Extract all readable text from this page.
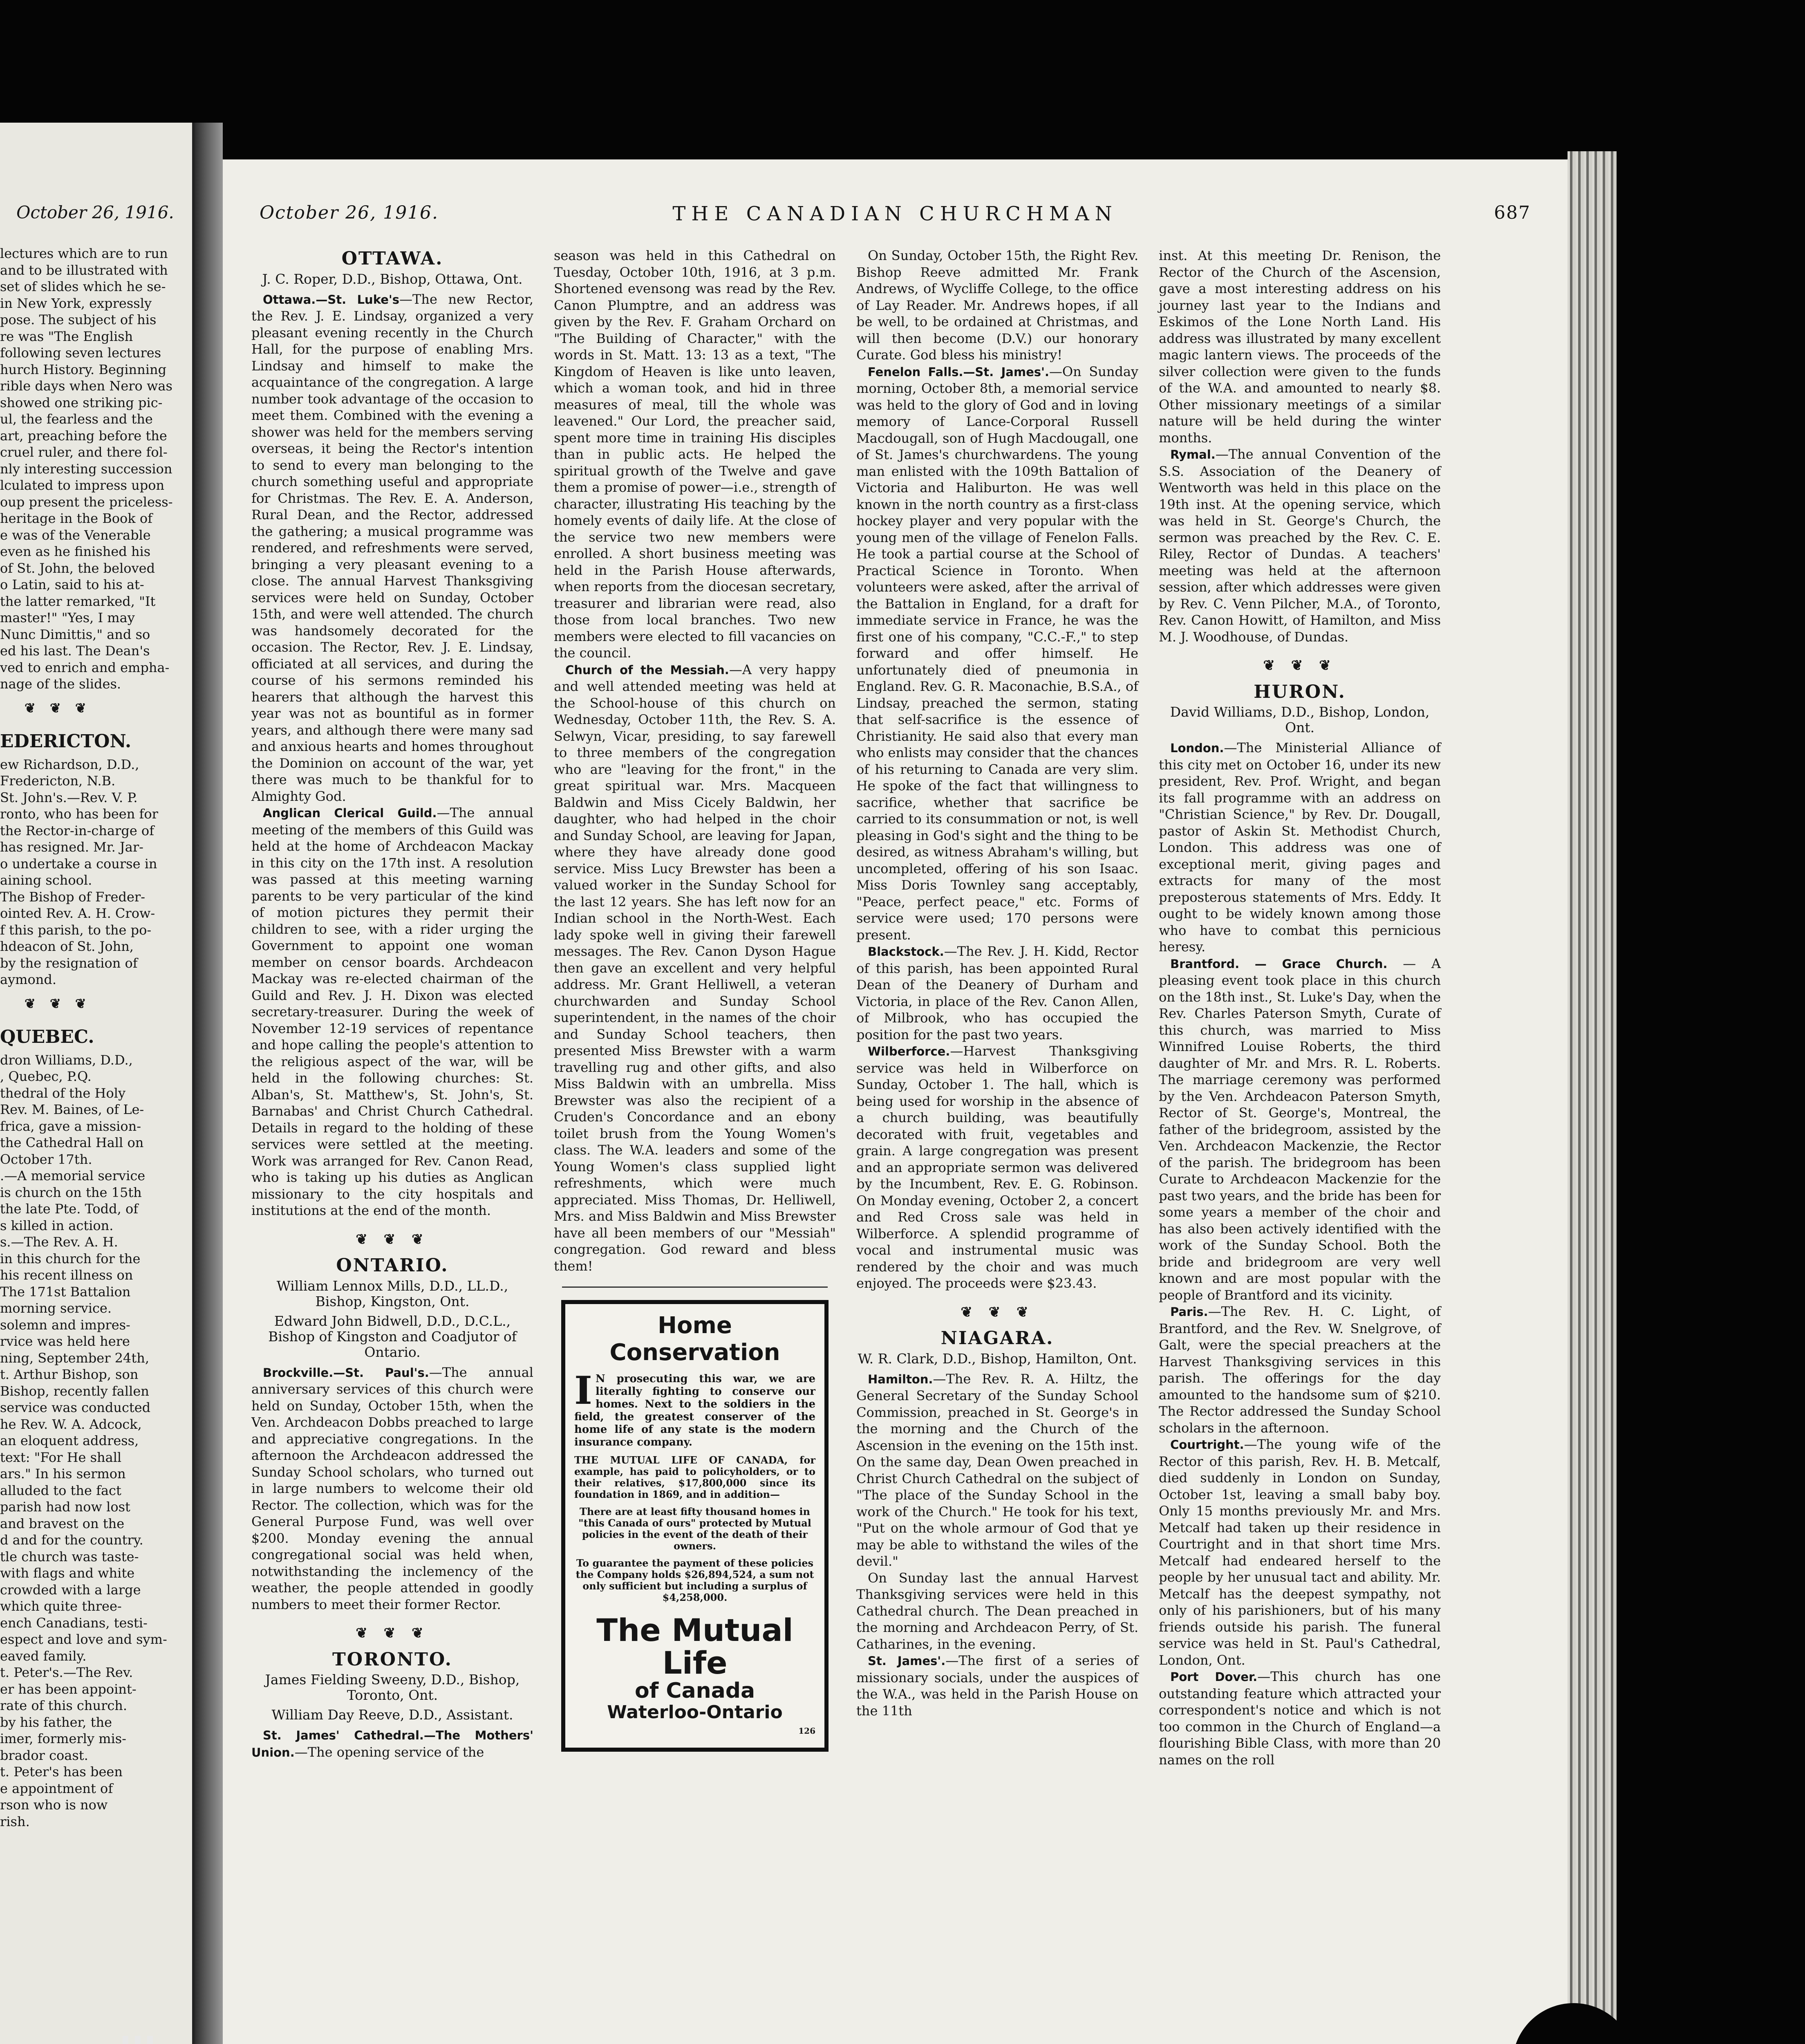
October 26, 1916.
lectures which are to run
and to be illustrated with
set of slides which he se-
in New York, expressly
pose. The subject of his
re was "The English
following seven lectures
hurch History. Beginning
rible days when Nero was
showed one striking pic-
ul, the fearless and the
art, preaching before the
cruel ruler, and there fol-
nly interesting succession
lculated to impress upon
oup present the priceless-
heritage in the Book of
e was of the Venerable
even as he finished his
of St. John, the beloved
o Latin, said to his at-
the latter remarked, "It
master!" "Yes, I may
Nunc Dimittis," and so
ed his last. The Dean's
ved to enrich and empha-
nage of the slides.
❦ ❦ ❦
EDERICTON.
ew Richardson, D.D.,
Fredericton, N.B.
St. John's.—Rev. V. P.
ronto, who has been for
the Rector-in-charge of
has resigned. Mr. Jar-
o undertake a course in
aining school.
The Bishop of Freder-
ointed Rev. A. H. Crow-
f this parish, to the po-
hdeacon of St. John,
by the resignation of
aymond.
❦ ❦ ❦
QUEBEC.
dron Williams, D.D.,
, Quebec, P.Q.
thedral of the Holy
Rev. M. Baines, of Le-
frica, gave a mission-
the Cathedral Hall on
October 17th.
.—A memorial service
is church on the 15th
the late Pte. Todd, of
s killed in action.
s.—The Rev. A. H.
in this church for the
his recent illness on
The 171st Battalion
morning service.
solemn and impres-
rvice was held here
ning, September 24th,
t. Arthur Bishop, son
Bishop, recently fallen
service was conducted
he Rev. W. A. Adcock,
an eloquent address,
text: "For He shall
ars." In his sermon
alluded to the fact
parish had now lost
and bravest on the
d and for the country.
tle church was taste-
with flags and white
crowded with a large
which quite three-
ench Canadians, testi-
espect and love and sym-
eaved family.
t. Peter's.—The Rev.
er has been appoint-
rate of this church.
by his father, the
imer, formerly mis-
brador coast.
t. Peter's has been
e appointment of
rson who is now
rish.
October 26, 1916.	THE CANADIAN CHURCHMAN	687
OTTAWA.
J. C. Roper, D.D., Bishop, Ottawa, Ont.

Ottawa.—St. Luke's—The new Rector, the Rev. J. E. Lindsay, organized a very pleasant evening recently in the Church Hall, for the purpose of enabling Mrs. Lindsay and himself to make the acquaintance of the congregation. A large number took advantage of the occasion to meet them. Combined with the evening a shower was held for the members serving overseas, it being the Rector's intention to send to every man belonging to the church something useful and appropriate for Christmas. The Rev. E. A. Anderson, Rural Dean, and the Rector, addressed the gathering; a musical programme was rendered, and refreshments were served, bringing a very pleasant evening to a close. The annual Harvest Thanksgiving services were held on Sunday, October 15th, and were well attended. The church was handsomely decorated for the occasion. The Rector, Rev. J. E. Lindsay, officiated at all services, and during the course of his sermons reminded his hearers that although the harvest this year was not as bountiful as in former years, and although there were many sad and anxious hearts and homes throughout the Dominion on account of the war, yet there was much to be thankful for to Almighty God.

Anglican Clerical Guild.—The annual meeting of the members of this Guild was held at the home of Archdeacon Mackay in this city on the 17th inst. A resolution was passed at this meeting warning parents to be very particular of the kind of motion pictures they permit their children to see, with a rider urging the Government to appoint one woman member on censor boards. Archdeacon Mackay was re-elected chairman of the Guild and Rev. J. H. Dixon was elected secretary-treasurer. During the week of November 12-19 services of repentance and hope calling the people's attention to the religious aspect of the war, will be held in the following churches: St. Alban's, St. Matthew's, St. John's, St. Barnabas' and Christ Church Cathedral. Details in regard to the holding of these services were settled at the meeting. Work was arranged for Rev. Canon Read, who is taking up his duties as Anglican missionary to the city hospitals and institutions at the end of the month.

❦ ❦ ❦
ONTARIO.
William Lennox Mills, D.D., LL.D., Bishop, Kingston, Ont.
Edward John Bidwell, D.D., D.C.L., Bishop of Kingston and Coadjutor of Ontario.

Brockville.—St. Paul's.—The annual anniversary services of this church were held on Sunday, October 15th, when the Ven. Archdeacon Dobbs preached to large and appreciative congregations. In the afternoon the Archdeacon addressed the Sunday School scholars, who turned out in large numbers to welcome their old Rector. The collection, which was for the General Purpose Fund, was well over $200. Monday evening the annual congregational social was held when, notwithstanding the inclemency of the weather, the people attended in goodly numbers to meet their former Rector.

❦ ❦ ❦
TORONTO.
James Fielding Sweeny, D.D., Bishop, Toronto, Ont.
William Day Reeve, D.D., Assistant.

St. James' Cathedral.—The Mothers' Union.—The opening service of the

season was held in this Cathedral on Tuesday, October 10th, 1916, at 3 p.m. Shortened evensong was read by the Rev. Canon Plumptre, and an address was given by the Rev. F. Graham Orchard on "The Building of Character," with the words in St. Matt. 13: 13 as a text, "The Kingdom of Heaven is like unto leaven, which a woman took, and hid in three measures of meal, till the whole was leavened." Our Lord, the preacher said, spent more time in training His disciples than in public acts. He helped the spiritual growth of the Twelve and gave them a promise of power—i.e., strength of character, illustrating His teaching by the homely events of daily life. At the close of the service two new members were enrolled. A short business meeting was held in the Parish House afterwards, when reports from the diocesan secretary, treasurer and librarian were read, also those from local branches. Two new members were elected to fill vacancies on the council.

Church of the Messiah.—A very happy and well attended meeting was held at the School-house of this church on Wednesday, October 11th, the Rev. S. A. Selwyn, Vicar, presiding, to say farewell to three members of the congregation who are "leaving for the front," in the great spiritual war. Mrs. Macqueen Baldwin and Miss Cicely Baldwin, her daughter, who had helped in the choir and Sunday School, are leaving for Japan, where they have already done good service. Miss Lucy Brewster has been a valued worker in the Sunday School for the last 12 years. She has left now for an Indian school in the North-West. Each lady spoke well in giving their farewell messages. The Rev. Canon Dyson Hague then gave an excellent and very helpful address. Mr. Grant Helliwell, a veteran churchwarden and Sunday School superintendent, in the names of the choir and Sunday School teachers, then presented Miss Brewster with a warm travelling rug and other gifts, and also Miss Baldwin with an umbrella. Miss Brewster was also the recipient of a Cruden's Concordance and an ebony toilet brush from the Young Women's class. The W.A. leaders and some of the Young Women's class supplied light refreshments, which were much appreciated. Miss Thomas, Dr. Helliwell, Mrs. and Miss Baldwin and Miss Brewster have all been members of our "Messiah" congregation. God reward and bless them!

Home Conservation
I N prosecuting this war, we are literally fighting to conserve our homes. Next to the soldiers in the field, the greatest conserver of the home life of any state is the modern insurance company.
THE MUTUAL LIFE OF CANADA, for example, has paid to policyholders, or to their relatives, $17,800,000 since its foundation in 1869, and in addition—
There are at least fifty thousand homes in "this Canada of ours" protected by Mutual policies in the event of the death of their owners.
To guarantee the payment of these policies the Company holds $26,894,524, a sum not only sufficient but including a surplus of $4,258,000.
The Mutual Life
of Canada
Waterloo-Ontario
126

On Sunday, October 15th, the Right Rev. Bishop Reeve admitted Mr. Frank Andrews, of Wycliffe College, to the office of Lay Reader. Mr. Andrews hopes, if all be well, to be ordained at Christmas, and will then become (D.V.) our honorary Curate. God bless his ministry!

Fenelon Falls.—St. James'.—On Sunday morning, October 8th, a memorial service was held to the glory of God and in loving memory of Lance-Corporal Russell Macdougall, son of Hugh Macdougall, one of St. James's churchwardens. The young man enlisted with the 109th Battalion of Victoria and Haliburton. He was well known in the north country as a first-class hockey player and very popular with the young men of the village of Fenelon Falls. He took a partial course at the School of Practical Science in Toronto. When volunteers were asked, after the arrival of the Battalion in England, for a draft for immediate service in France, he was the first one of his company, "C.C.-F.," to step forward and offer himself. He unfortunately died of pneumonia in England. Rev. G. R. Maconachie, B.S.A., of Lindsay, preached the sermon, stating that self-sacrifice is the essence of Christianity. He said also that every man who enlists may consider that the chances of his returning to Canada are very slim. He spoke of the fact that willingness to sacrifice, whether that sacrifice be carried to its consummation or not, is well pleasing in God's sight and the thing to be desired, as witness Abraham's willing, but uncompleted, offering of his son Isaac. Miss Doris Townley sang acceptably, "Peace, perfect peace," etc. Forms of service were used; 170 persons were present.

Blackstock.—The Rev. J. H. Kidd, Rector of this parish, has been appointed Rural Dean of the Deanery of Durham and Victoria, in place of the Rev. Canon Allen, of Milbrook, who has occupied the position for the past two years.

Wilberforce.—Harvest Thanksgiving service was held in Wilberforce on Sunday, October 1. The hall, which is being used for worship in the absence of a church building, was beautifully decorated with fruit, vegetables and grain. A large congregation was present and an appropriate sermon was delivered by the Incumbent, Rev. E. G. Robinson. On Monday evening, October 2, a concert and Red Cross sale was held in Wilberforce. A splendid programme of vocal and instrumental music was rendered by the choir and was much enjoyed. The proceeds were $23.43.

❦ ❦ ❦
NIAGARA.
W. R. Clark, D.D., Bishop, Hamilton, Ont.

Hamilton.—The Rev. R. A. Hiltz, the General Secretary of the Sunday School Commission, preached in St. George's in the morning and the Church of the Ascension in the evening on the 15th inst. On the same day, Dean Owen preached in Christ Church Cathedral on the subject of "The place of the Sunday School in the work of the Church." He took for his text, "Put on the whole armour of God that ye may be able to withstand the wiles of the devil."

On Sunday last the annual Harvest Thanksgiving services were held in this Cathedral church. The Dean preached in the morning and Archdeacon Perry, of St. Catharines, in the evening.

St. James'.—The first of a series of missionary socials, under the auspices of the W.A., was held in the Parish House on the 11th

inst. At this meeting Dr. Renison, the Rector of the Church of the Ascension, gave a most interesting address on his journey last year to the Indians and Eskimos of the Lone North Land. His address was illustrated by many excellent magic lantern views. The proceeds of the silver collection were given to the funds of the W.A. and amounted to nearly $8. Other missionary meetings of a similar nature will be held during the winter months.

Rymal.—The annual Convention of the S.S. Association of the Deanery of Wentworth was held in this place on the 19th inst. At the opening service, which was held in St. George's Church, the sermon was preached by the Rev. C. E. Riley, Rector of Dundas. A teachers' meeting was held at the afternoon session, after which addresses were given by Rev. C. Venn Pilcher, M.A., of Toronto, Rev. Canon Howitt, of Hamilton, and Miss M. J. Woodhouse, of Dundas.

❦ ❦ ❦
HURON.
David Williams, D.D., Bishop, London, Ont.

London.—The Ministerial Alliance of this city met on October 16, under its new president, Rev. Prof. Wright, and began its fall programme with an address on "Christian Science," by Rev. Dr. Dougall, pastor of Askin St. Methodist Church, London. This address was one of exceptional merit, giving pages and extracts for many of the most preposterous statements of Mrs. Eddy. It ought to be widely known among those who have to combat this pernicious heresy.

Brantford. — Grace Church. — A pleasing event took place in this church on the 18th inst., St. Luke's Day, when the Rev. Charles Paterson Smyth, Curate of this church, was married to Miss Winnifred Louise Roberts, the third daughter of Mr. and Mrs. R. L. Roberts. The marriage ceremony was performed by the Ven. Archdeacon Paterson Smyth, Rector of St. George's, Montreal, the father of the bridegroom, assisted by the Ven. Archdeacon Mackenzie, the Rector of the parish. The bridegroom has been Curate to Archdeacon Mackenzie for the past two years, and the bride has been for some years a member of the choir and has also been actively identified with the work of the Sunday School. Both the bride and bridegroom are very well known and are most popular with the people of Brantford and its vicinity.

Paris.—The Rev. H. C. Light, of Brantford, and the Rev. W. Snelgrove, of Galt, were the special preachers at the Harvest Thanksgiving services in this parish. The offerings for the day amounted to the handsome sum of $210. The Rector addressed the Sunday School scholars in the afternoon.

Courtright.—The young wife of the Rector of this parish, Rev. H. B. Metcalf, died suddenly in London on Sunday, October 1st, leaving a small baby boy. Only 15 months previously Mr. and Mrs. Metcalf had taken up their residence in Courtright and in that short time Mrs. Metcalf had endeared herself to the people by her unusual tact and ability. Mr. Metcalf has the deepest sympathy, not only of his parishioners, but of his many friends outside his parish. The funeral service was held in St. Paul's Cathedral, London, Ont.

Port Dover.—This church has one outstanding feature which attracted your correspondent's notice and which is not too common in the Church of England—a flourishing Bible Class, with more than 20 names on the roll
